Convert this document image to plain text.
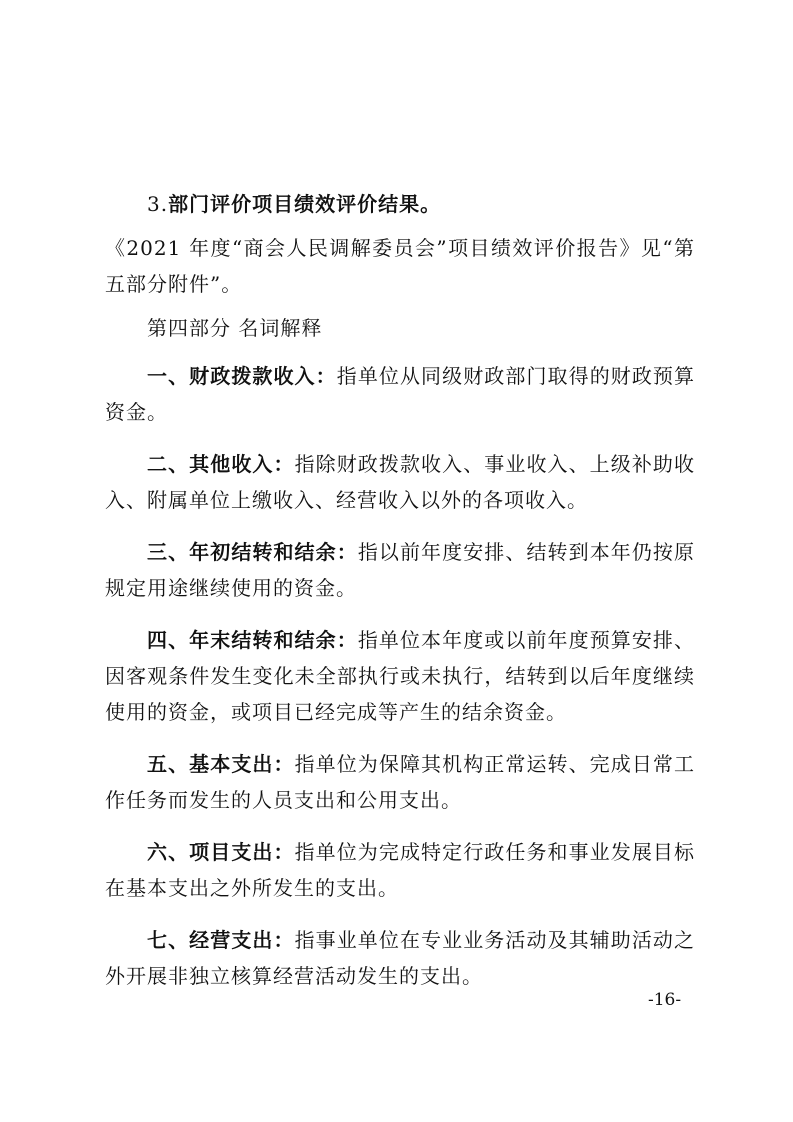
3.部门评价项目绩效评价结果。

《2021 年度“商会人民调解委员会”项目绩效评价报告》见“第五部分附件”。

第四部分 名词解释

一、财政拨款收入：指单位从同级财政部门取得的财政预算资金。

二、其他收入：指除财政拨款收入、事业收入、上级补助收入、附属单位上缴收入、经营收入以外的各项收入。

三、年初结转和结余：指以前年度安排、结转到本年仍按原规定用途继续使用的资金。

四、年末结转和结余：指单位本年度或以前年度预算安排、因客观条件发生变化未全部执行或未执行，结转到以后年度继续使用的资金，或项目已经完成等产生的结余资金。

五、基本支出：指单位为保障其机构正常运转、完成日常工作任务而发生的人员支出和公用支出。

六、项目支出：指单位为完成特定行政任务和事业发展目标在基本支出之外所发生的支出。

七、经营支出：指事业单位在专业业务活动及其辅助活动之外开展非独立核算经营活动发生的支出。

-16-
